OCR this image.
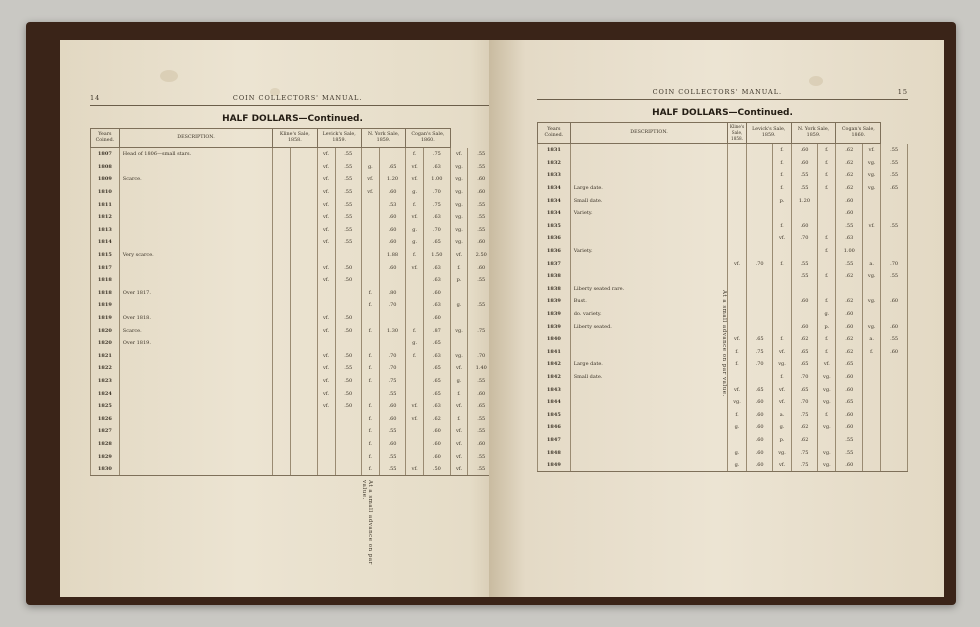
14	COIN COLLECTORS' MANUAL.
HALF DOLLARS—Continued.
Years Coined.	DESCRIPTION.	Kline's Sale, 1858.		Levick's Sale, 1859.		N. York Sale, 1859.		Cogan's Sale, 1860.			
1807	Head of 1806—small stars.			vf.	.55			f.	.75	vf.	.55
1808				vf.	.55	g.	.65	vf.	.63	vg.	.55
1809	Scarce.			vf.	.55	vf.	1.20	vf.	1.00	vg.	.60
1810				vf.	.55	vf.	.60	g.	.70	vg.	.60
1811				vf.	.55		.53	f.	.75	vg.	.55
1812				vf.	.55		.60	vf.	.63	vg.	.55
1813				vf.	.55		.60	g.	.70	vg.	.55
1814				vf.	.55		.60	g.	.65	vg.	.60
1815	Very scarce.						1.88	f.	1.50	vf.	2.50
1817				vf.	.50		.60	vf.	.63	f.	.60
1818				vf.	.50				.63	p.	.55
1818	Over 1817.					f.	.80		.60		
1819						f.	.70		.63	g.	.55
1819	Over 1818.			vf.	.50				.60		
1820	Scarce.			vf.	.50	f.	1.30	f.	.87	vg.	.75
1820	Over 1819.							g.	.65		
1821				vf.	.50	f.	.70	f.	.63	vg.	.70
1822				vf.	.55	f.	.70		.65	vf.	1.40
1823				vf.	.50	f.	.75		.65	g.	.55
1824				vf.	.50		.55		.65	f.	.60
1825				vf.	.50	f.	.60	vf.	.63	vf.	.65
1826						f.	.60	vf.	.62	f.	.55
1827						f.	.55		.60	vf.	.55
1828						f.	.60		.60	vf.	.60
1829						f.	.55		.60	vf.	.55
1830						f.	.55	vf.	.50	vf.	.55
At a small advance on par value.
COIN COLLECTORS' MANUAL.	15
HALF DOLLARS—Continued.
Years Coined.	DESCRIPTION.	Kline's Sale, 1858.	Levick's Sale, 1859.		N. York Sale, 1859.		Cogan's Sale, 1860.		
1831				f.	.60	f.	.62	vf.	.55
1832				f.	.60	f.	.62	vg.	.55
1833				f.	.55	f.	.62	vg.	.55
1834	Large date.			f.	.55	f.	.62	vg.	.65
1834	Small date.			p.	1.20		.60		
1834	Variety.						.60		
1835				f.	.60		.55	vf.	.55
1836				vf.	.70	f.	.63		
1836	Variety.					f.	1.00		
1837		vf.	.70	f.	.55		.55	a.	.70
1838					.55	f.	.62	vg.	.55
1838	Liberty seated rare.								
1839	Bust.				.60	f.	.62	vg.	.60
1839	do. variety.					g.	.60		
1839	Liberty seated.				.60	p.	.60	vg.	.60
1840		vf.	.65	f.	.62	f.	.62	a.	.55
1841		f.	.75	vf.	.65	f.	.62	f.	.60
1842	Large date.	f.	.70	vg.	.65	vf.	.65		
1842	Small date.			f.	.70	vg.	.60		
1843		vf.	.65	vf.	.65	vg.	.60		
1844		vg.	.60	vf.	.70	vg.	.65		
1845		f.	.60	a.	.75	f.	.60		
1846		g.	.60	g.	.62	vg.	.60		
1847			.60	p.	.62		.55		
1848		g.	.60	vg.	.75	vg.	.55		
1849		g.	.60	vf.	.75	vg.	.60		
At a small advance on par value.
